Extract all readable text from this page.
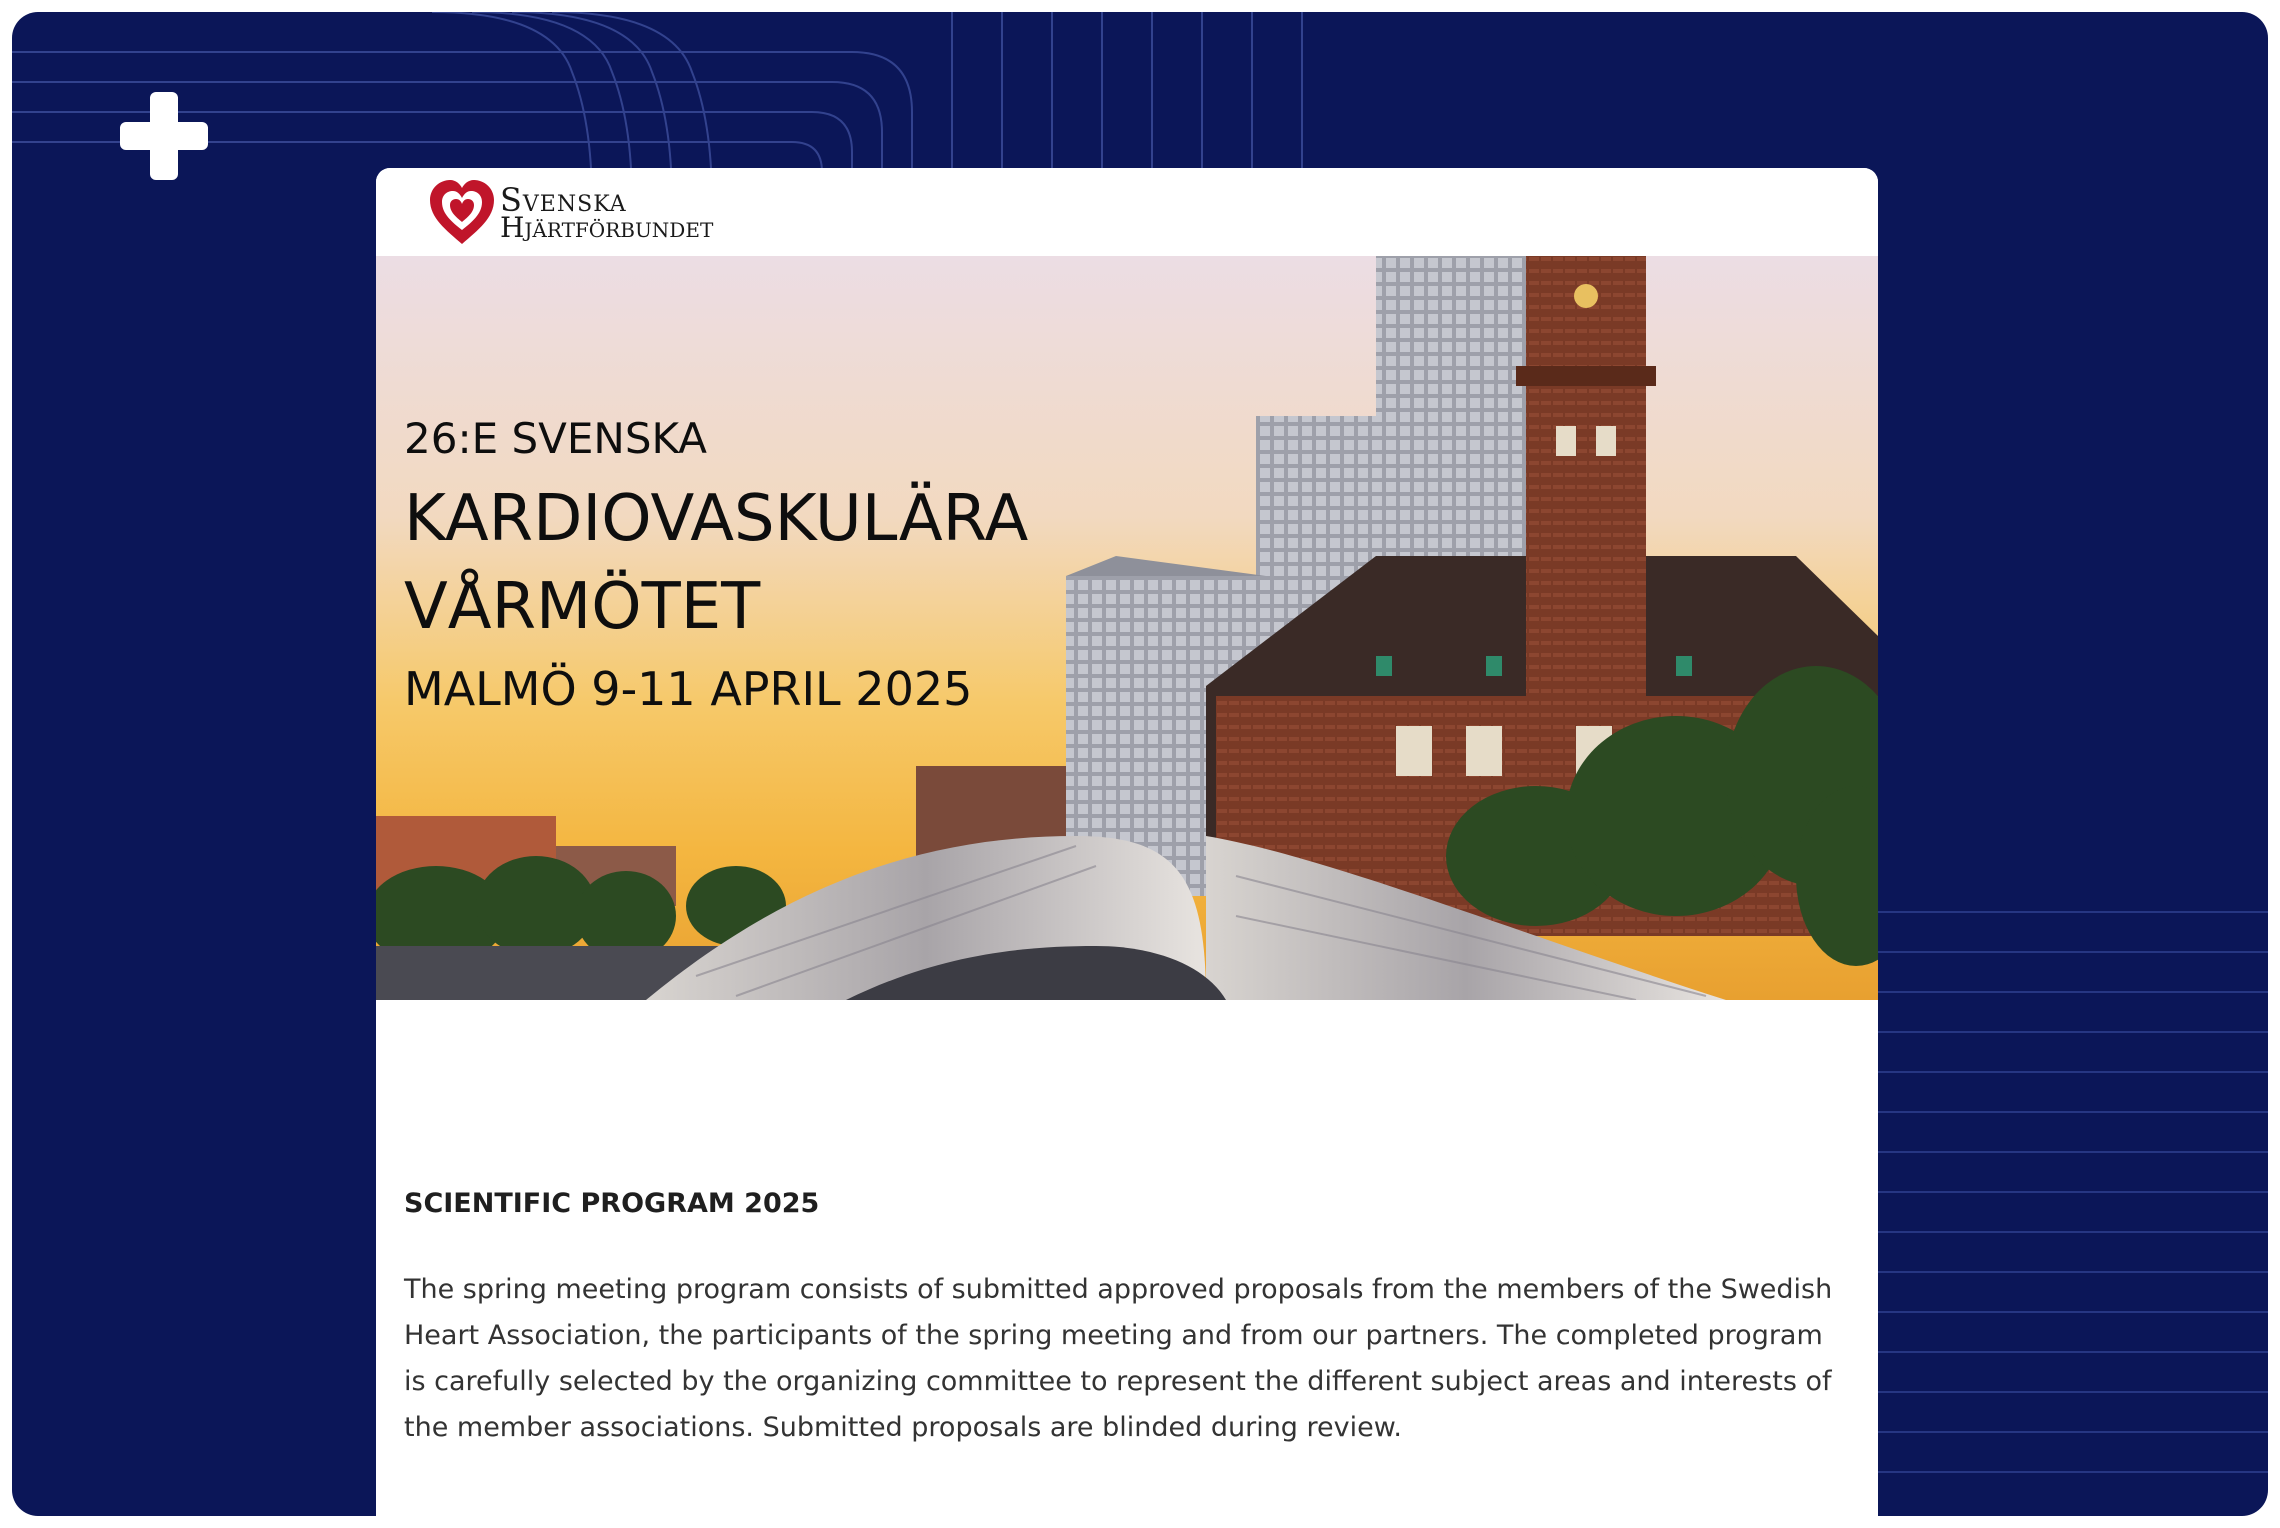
Svenska
Hjärtförbundet
26:E SVENSKA
KARDIOVASKULÄRA
VÅRMÖTET
MALMÖ 9-11 APRIL 2025
SCIENTIFIC PROGRAM 2025

The spring meeting program consists of submitted approved proposals from the members of the Swedish Heart Association, the participants of the spring meeting and from our partners. The completed program is carefully selected by the organizing committee to represent the different subject areas and interests of the member associations. Submitted proposals are blinded during review.
